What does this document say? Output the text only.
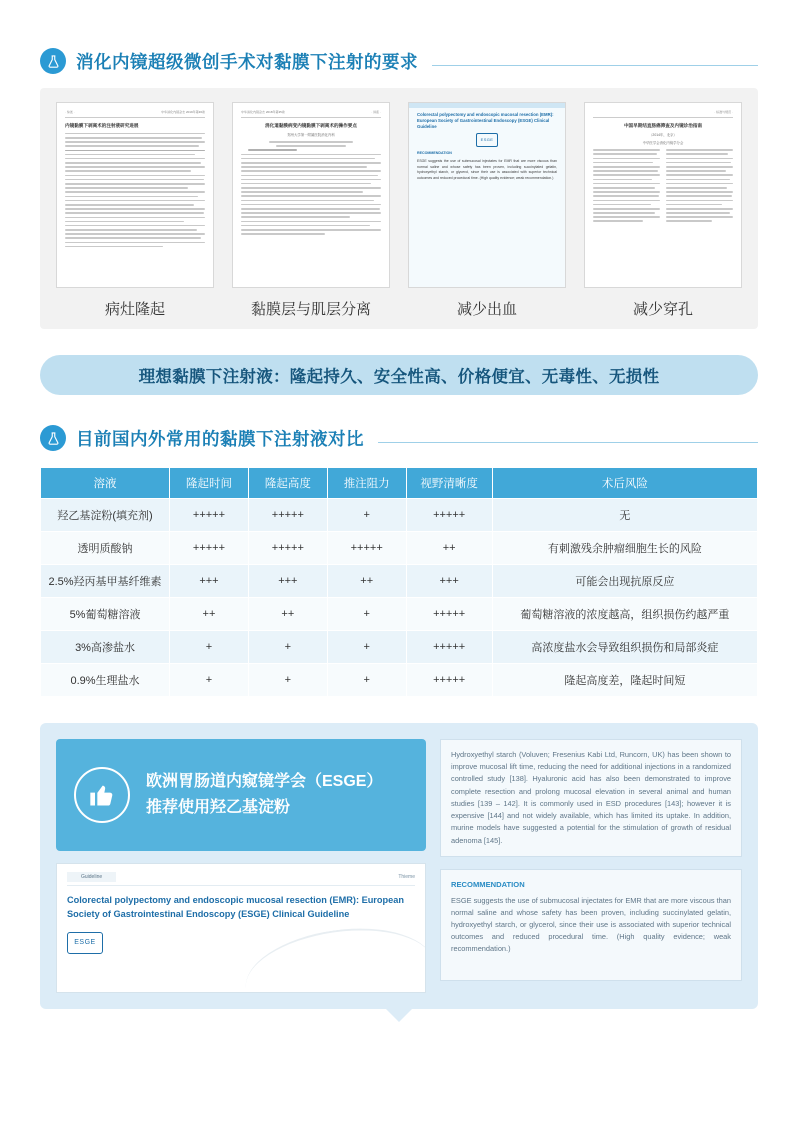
消化内镜超级微创手术对黏膜下注射的要求
· 综述 ·	中华消化内镜杂志 2019年第36卷
内镜黏膜下剥离术的注射液研究进展
病灶隆起
中华消化内镜杂志 2018年第35卷	· 讲座 ·
消化道黏膜病变内镜黏膜下剥离术的操作要点
郑州大学第一附属医院消化内科
黏膜层与肌层分离
Colorectal polypectomy and endoscopic mucosal resection (EMR): European Society of Gastrointestinal Endoscopy (ESGE) Clinical Guideline
ESGE
RECOMMENDATION
ESGE suggests the use of submucosal injectates for EMR that are more viscous than normal saline and whose safety has been proven, including succinylated gelatin, hydroxyethyl starch, or glycerol, since their use is associated with superior technical outcomes and reduced procedural time. (High quality evidence; weak recommendation.)
减少出血
· 标准与规范 ·
中国早期结直肠癌筛查及内镜诊治指南
（2014年，北京）
中华医学会消化内镜学分会
减少穿孔
理想黏膜下注射液：隆起持久、安全性高、价格便宜、无毒性、无损性
目前国内外常用的黏膜下注射液对比
溶液	隆起时间	隆起高度	推注阻力	视野清晰度	术后风险
羟乙基淀粉(填充剂)	+++++	+++++	+	+++++	无
透明质酸钠	+++++	+++++	+++++	++	有刺激残余肿瘤细胞生长的风险
2.5%羟丙基甲基纤维素	+++	+++	++	+++	可能会出现抗原反应
5%葡萄糖溶液	++	++	+	+++++	葡萄糖溶液的浓度越高，组织损伤约越严重
3%高渗盐水	+	+	+	+++++	高浓度盐水会导致组织损伤和局部炎症
0.9%生理盐水	+	+	+	+++++	隆起高度差，隆起时间短
欧洲胃肠道内窥镜学会（ESGE）
推荐使用羟乙基淀粉
Guideline	Thieme
Colorectal polypectomy and endoscopic mucosal resection (EMR): European Society of Gastrointestinal Endoscopy (ESGE) Clinical Guideline
ESGE
Hydroxyethyl starch (Voluven; Fresenius Kabi Ltd, Runcorn, UK) has been shown to improve mucosal lift time, reducing the need for additional injections in a randomized controlled study [138]. Hyaluronic acid has also been demonstrated to improve complete resection and prolong mucosal elevation in several animal and human studies [139 – 142]. It is commonly used in ESD procedures [143]; however it is expensive [144] and not widely available, which has limited its uptake. In addition, murine models have suggested a potential for the stimulation of growth of residual adenoma [145].
RECOMMENDATION
ESGE suggests the use of submucosal injectates for EMR that are more viscous than normal saline and whose safety has been proven, including succinylated gelatin, hydroxyethyl starch, or glycerol, since their use is associated with superior technical outcomes and reduced procedural time. (High quality evidence; weak recommendation.)
